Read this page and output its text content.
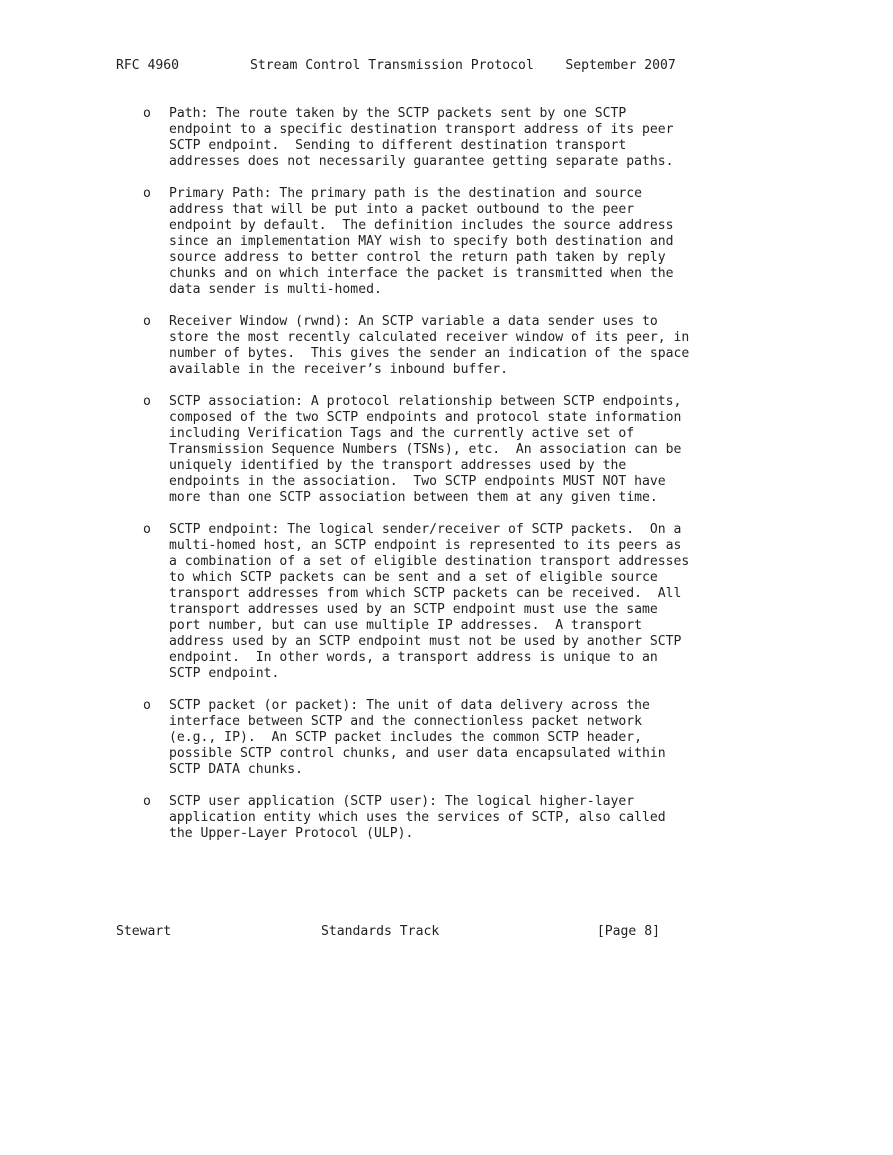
RFC 4960	Stream Control Transmission Protocol September 2007
o Path: The route taken by the SCTP packets sent by one SCTP
endpoint to a specific destination transport address of its peer
SCTP endpoint.  Sending to different destination transport
addresses does not necessarily guarantee getting separate paths.
o Primary Path: The primary path is the destination and source
address that will be put into a packet outbound to the peer
endpoint by default.  The definition includes the source address
since an implementation MAY wish to specify both destination and
source address to better control the return path taken by reply
chunks and on which interface the packet is transmitted when the
data sender is multi-homed.
o Receiver Window (rwnd): An SCTP variable a data sender uses to
store the most recently calculated receiver window of its peer, in
number of bytes.  This gives the sender an indication of the space
available in the receiver’s inbound buffer.
o SCTP association: A protocol relationship between SCTP endpoints,
composed of the two SCTP endpoints and protocol state information
including Verification Tags and the currently active set of
Transmission Sequence Numbers (TSNs), etc.  An association can be
uniquely identified by the transport addresses used by the
endpoints in the association.  Two SCTP endpoints MUST NOT have
more than one SCTP association between them at any given time.
o SCTP endpoint: The logical sender/receiver of SCTP packets.  On a
multi-homed host, an SCTP endpoint is represented to its peers as
a combination of a set of eligible destination transport addresses
to which SCTP packets can be sent and a set of eligible source
transport addresses from which SCTP packets can be received.  All
transport addresses used by an SCTP endpoint must use the same
port number, but can use multiple IP addresses.  A transport
address used by an SCTP endpoint must not be used by another SCTP
endpoint.  In other words, a transport address is unique to an
SCTP endpoint.
o SCTP packet (or packet): The unit of data delivery across the
interface between SCTP and the connectionless packet network
(e.g., IP).  An SCTP packet includes the common SCTP header,
possible SCTP control chunks, and user data encapsulated within
SCTP DATA chunks.
o SCTP user application (SCTP user): The logical higher-layer
application entity which uses the services of SCTP, also called
the Upper-Layer Protocol (ULP).
Stewart	Standards Track	[Page 8]
